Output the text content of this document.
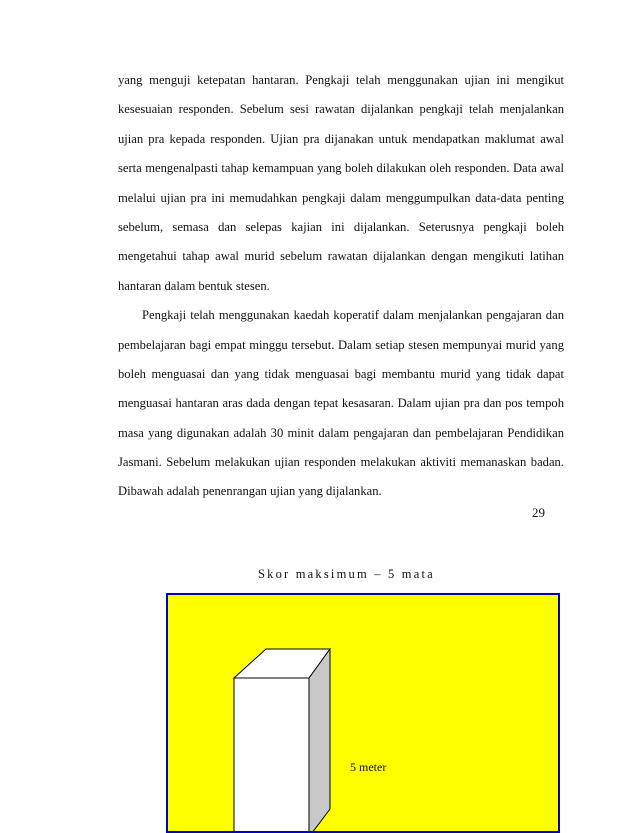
yang menguji ketepatan hantaran. Pengkaji telah menggunakan ujian ini mengikut
kesesuaian responden. Sebelum sesi rawatan dijalankan pengkaji telah menjalankan
ujian pra kepada responden. Ujian pra dijanakan untuk mendapatkan maklumat awal
serta mengenalpasti tahap kemampuan yang boleh dilakukan oleh responden. Data awal
melalui ujian pra ini memudahkan pengkaji dalam menggumpulkan data-data penting
sebelum, semasa dan selepas kajian ini dijalankan. Seterusnya pengkaji boleh
mengetahui tahap awal murid sebelum rawatan dijalankan dengan mengikuti latihan
hantaran dalam bentuk stesen.
Pengkaji telah menggunakan kaedah koperatif dalam menjalankan pengajaran dan
pembelajaran bagi empat minggu tersebut. Dalam setiap stesen mempunyai murid yang
boleh menguasai dan yang tidak menguasai bagi membantu murid yang tidak dapat
menguasai hantaran aras dada dengan tepat kesasaran. Dalam ujian pra dan pos tempoh
masa yang digunakan adalah 30 minit dalam pengajaran dan pembelajaran Pendidikan
Jasmani. Sebelum melakukan ujian responden melakukan aktiviti memanaskan badan.
Dibawah adalah penenrangan ujian yang dijalankan.
29
Skor maksimum – 5 mata
5 meter
